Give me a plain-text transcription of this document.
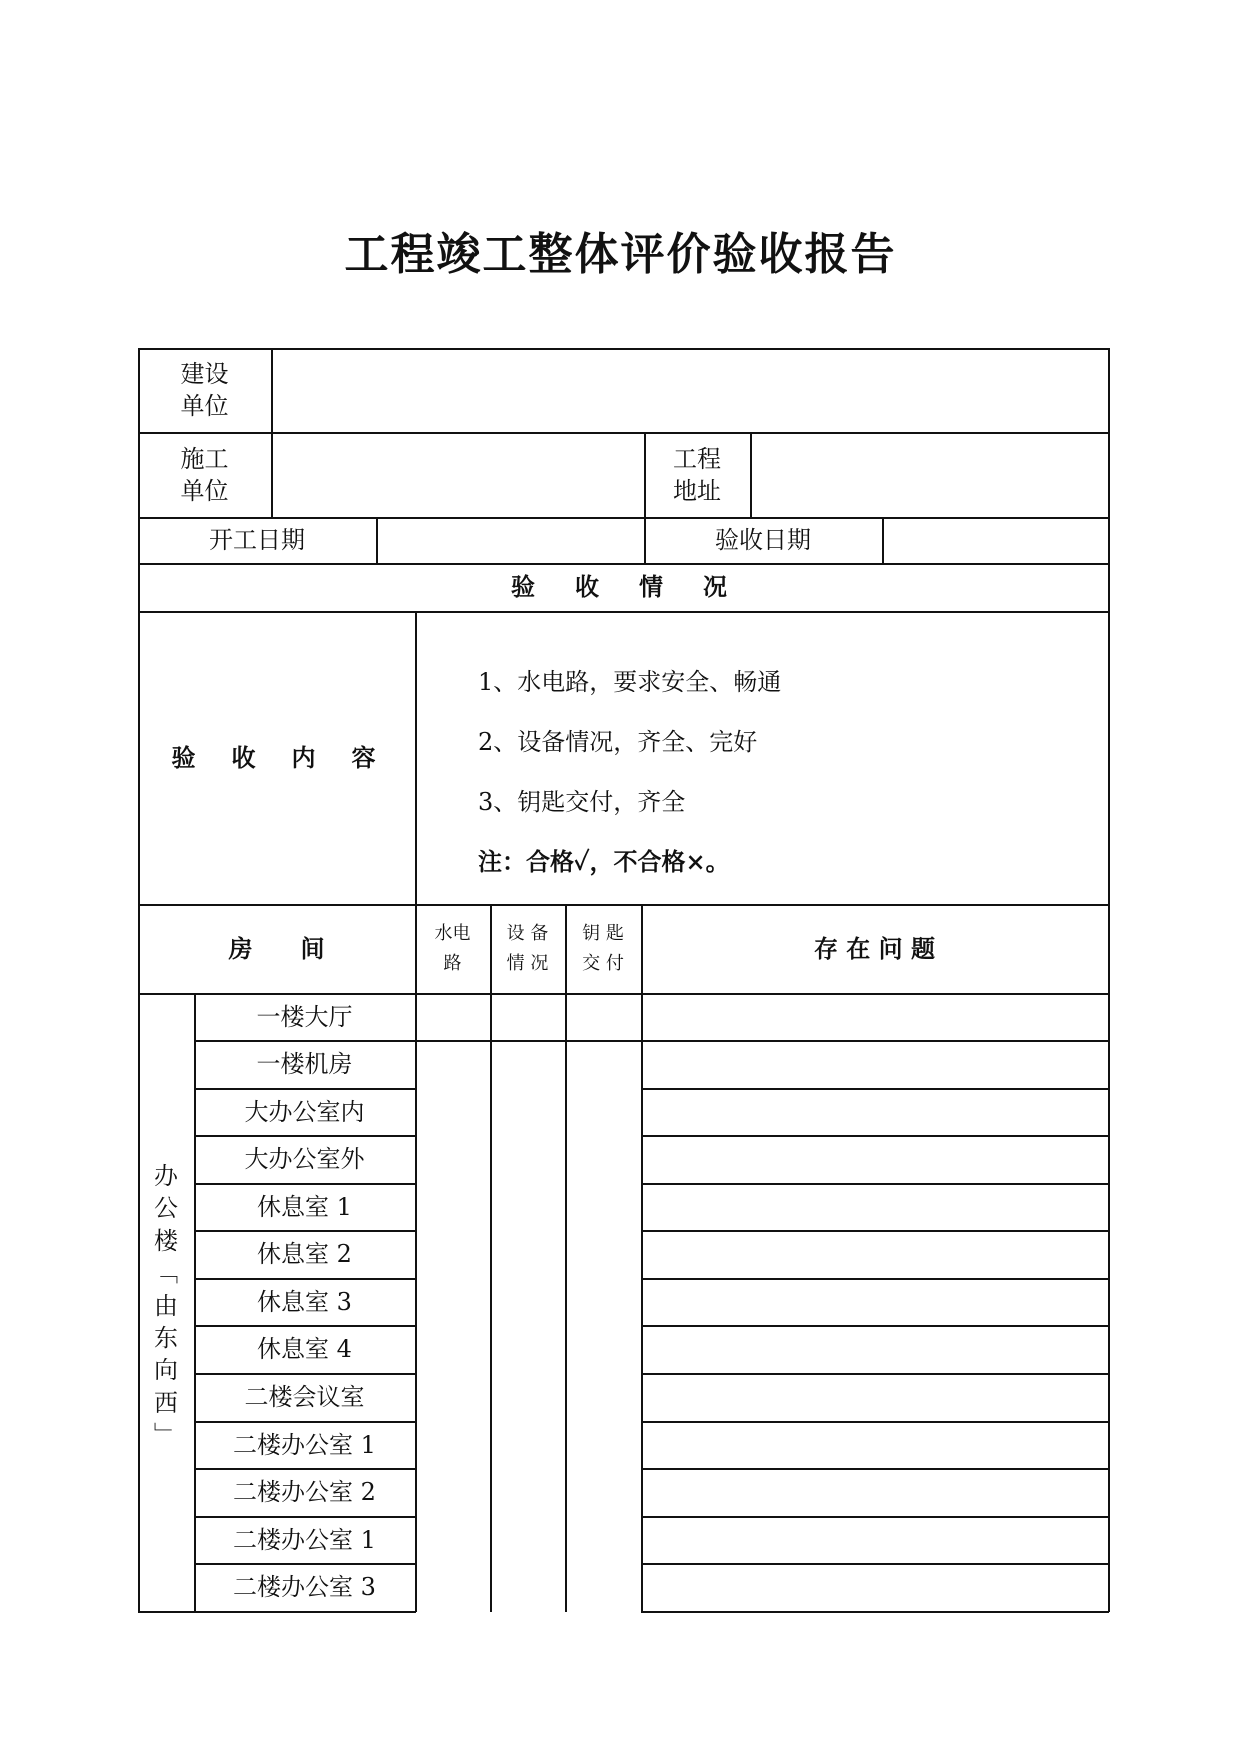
工程竣工整体评价验收报告
建设
单位
施工
单位
工程
地址
开工日期	验收日期
验　收　情　况
验　收　内　容
1、水电路，要求安全、畅通
2、设备情况，齐全、完好
3、钥匙交付，齐全
注：合格✓，不合格×。
房　　间
水电
路
设 备
情 况
钥 匙
交 付
存 在 问 题
办
公
楼
﹁
由
东
向
西
﹂
一楼大厅
一楼机房
大办公室内
大办公室外
休息室 1
休息室 2
休息室 3
休息室 4
二楼会议室
二楼办公室 1
二楼办公室 2
二楼办公室 1
二楼办公室 3
